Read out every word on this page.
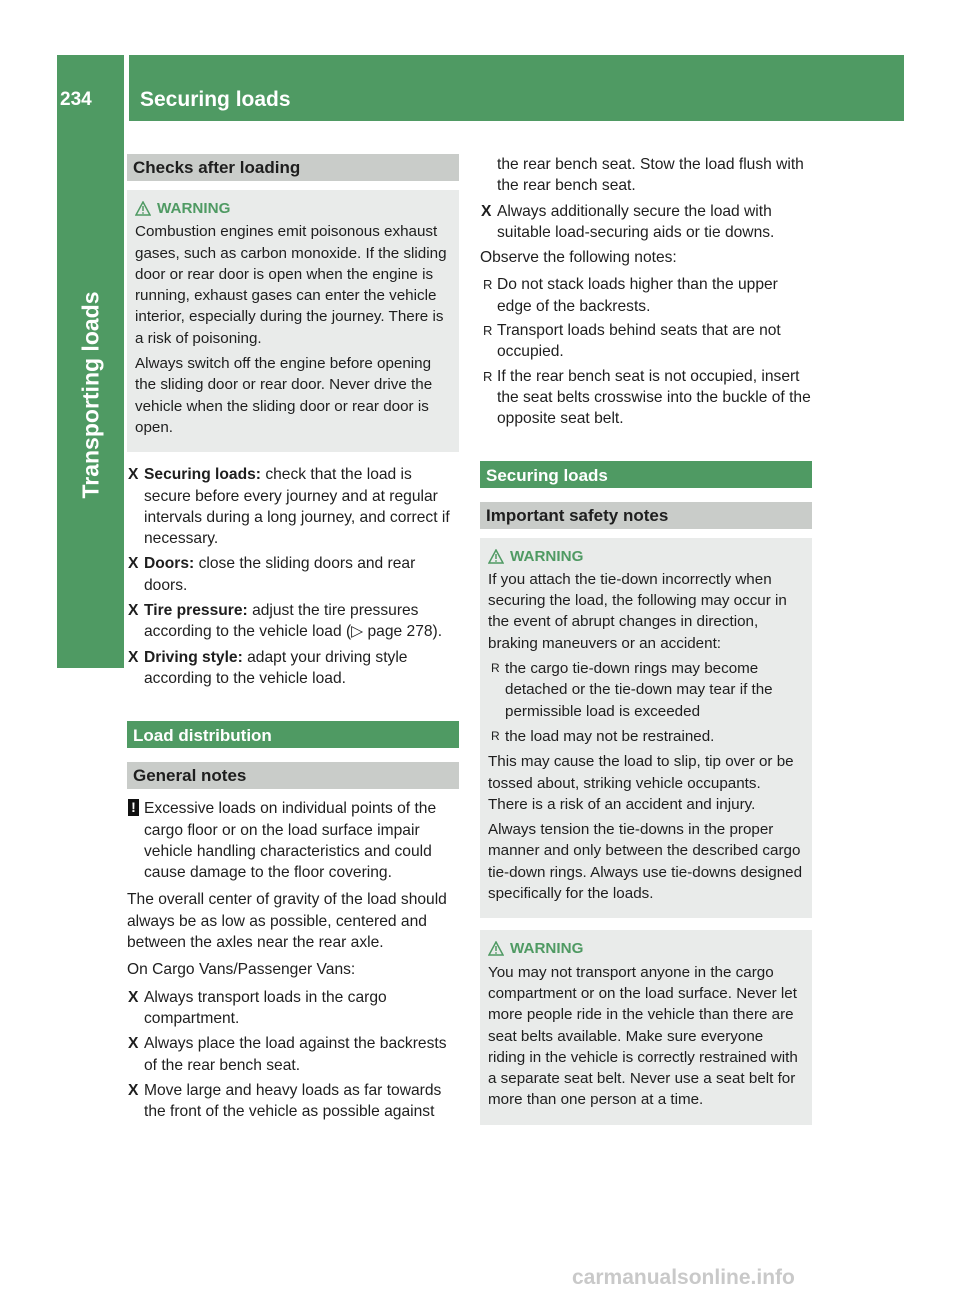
234	Securing loads
Transporting loads
Checks after loading
WARNING

Combustion engines emit poisonous exhaust gases, such as carbon monoxide. If the sliding door or rear door is open when the engine is running, exhaust gases can enter the vehicle interior, especially during the journey. There is a risk of poisoning.

Always switch off the engine before opening the sliding door or rear door. Never drive the vehicle when the sliding door or rear door is open.

X Securing loads: check that the load is secure before every journey and at regular intervals during a long journey, and correct if necessary.
X Doors: close the sliding doors and rear doors.
X Tire pressure: adjust the tire pressures according to the vehicle load (▷ page 278).
X Driving style: adapt your driving style according to the vehicle load.
Load distribution
General notes
! Excessive loads on individual points of the cargo floor or on the load surface impair vehicle handling characteristics and could cause damage to the floor covering.
The overall center of gravity of the load should always be as low as possible, centered and between the axles near the rear axle.
On Cargo Vans/Passenger Vans:
X Always transport loads in the cargo compartment.
X Always place the load against the backrests of the rear bench seat.
X Move large and heavy loads as far towards the front of the vehicle as possible against
the rear bench seat. Stow the load flush with the rear bench seat.
X Always additionally secure the load with suitable load-securing aids or tie downs.
Observe the following notes:
R Do not stack loads higher than the upper edge of the backrests.
R Transport loads behind seats that are not occupied.
R If the rear bench seat is not occupied, insert the seat belts crosswise into the buckle of the opposite seat belt.
Securing loads
Important safety notes
WARNING

If you attach the tie-down incorrectly when securing the load, the following may occur in the event of abrupt changes in direction, braking maneuvers or an accident:

R the cargo tie-down rings may become detached or the tie-down may tear if the permissible load is exceeded

R the load may not be restrained.

This may cause the load to slip, tip over or be tossed about, striking vehicle occupants. There is a risk of an accident and injury.

Always tension the tie-downs in the proper manner and only between the described cargo tie-down rings. Always use tie-downs designed specifically for the loads.

WARNING

You may not transport anyone in the cargo compartment or on the load surface. Never let more people ride in the vehicle than there are seat belts available. Make sure everyone riding in the vehicle is correctly restrained with a separate seat belt. Never use a seat belt for more than one person at a time.

carmanualsonline.info
